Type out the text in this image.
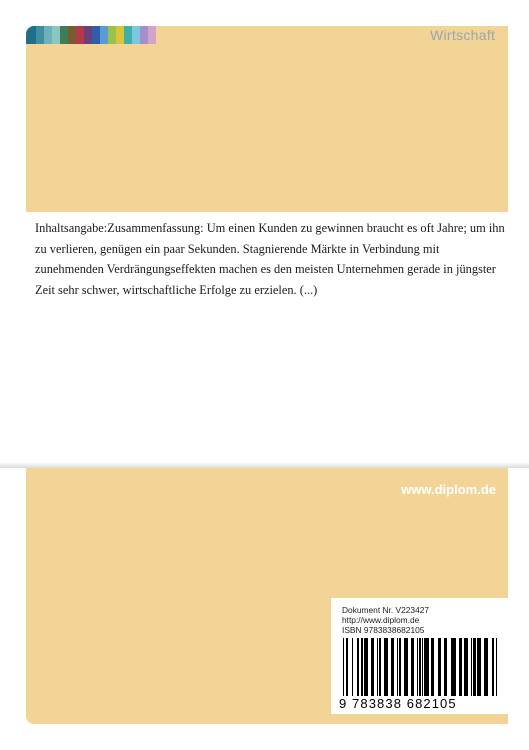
Wirtschaft

Inhaltsangabe:Zusammenfassung: Um einen Kunden zu gewinnen braucht es oft Jahre; um ihn zu verlieren, genügen ein paar Sekunden. Stagnierende Märkte in Verbindung mit zunehmenden Verdrängungseffekten machen es den meisten Unternehmen gerade in jüngster Zeit sehr schwer, wirtschaftliche Erfolge zu erzielen. (...)

www.diplom.de
Dokument Nr. V223427
http://www.diplom.de
ISBN 9783838682105
9 783838 682105
